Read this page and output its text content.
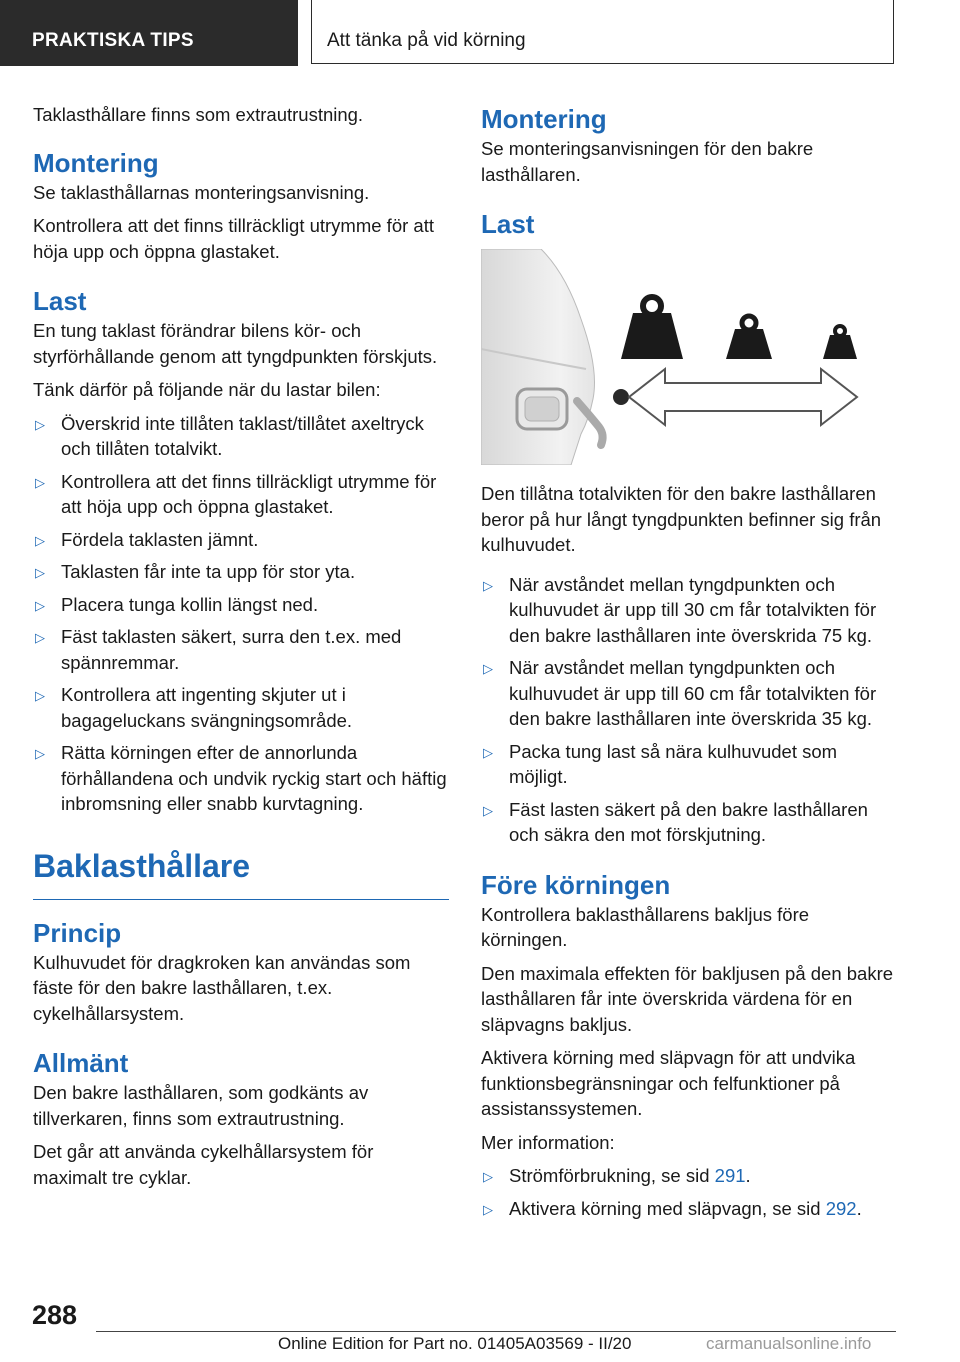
PRAKTISKA TIPS	Att tänka på vid körning

Taklasthållare finns som extrautrustning.

Montering

Se taklasthållarnas monteringsanvisning.

Kontrollera att det finns tillräckligt utrymme för att höja upp och öppna glastaket.

Last

En tung taklast förändrar bilens kör- och styrförhållande genom att tyngdpunkten förskjuts.

Tänk därför på följande när du lastar bilen:

▷ Överskrid inte tillåten taklast/tillåtet axeltryck och tillåten totalvikt.
▷ Kontrollera att det finns tillräckligt utrymme för att höja upp och öppna glastaket.
▷ Fördela taklasten jämnt.
▷ Taklasten får inte ta upp för stor yta.
▷ Placera tunga kollin längst ned.
▷ Fäst taklasten säkert, surra den t.ex. med spännremmar.
▷ Kontrollera att ingenting skjuter ut i bagageluckans svängningsområde.
▷ Rätta körningen efter de annorlunda förhållandena och undvik ryckig start och häftig inbromsning eller snabb kurvtagning.
Baklasthållare
Princip

Kulhuvudet för dragkroken kan användas som fäste för den bakre lasthållaren, t.ex. cykelhållarsystem.

Allmänt

Den bakre lasthållaren, som godkänts av tillverkaren, finns som extrautrustning.

Det går att använda cykelhållarsystem för maximalt tre cyklar.

Montering

Se monteringsanvisningen för den bakre lasthållaren.

Last

Den tillåtna totalvikten för den bakre lasthållaren beror på hur långt tyngdpunkten befinner sig från kulhuvudet.

▷ När avståndet mellan tyngdpunkten och kulhuvudet är upp till 30 cm får totalvikten för den bakre lasthållaren inte överskrida 75 kg.
▷ När avståndet mellan tyngdpunkten och kulhuvudet är upp till 60 cm får totalvikten för den bakre lasthållaren inte överskrida 35 kg.
▷ Packa tung last så nära kulhuvudet som möjligt.
▷ Fäst lasten säkert på den bakre lasthållaren och säkra den mot förskjutning.
Före körningen

Kontrollera baklasthållarens bakljus före körningen.

Den maximala effekten för bakljusen på den bakre lasthållaren får inte överskrida värdena för en släpvagns bakljus.

Aktivera körning med släpvagn för att undvika funktionsbegränsningar och felfunktioner på assistanssystemen.

Mer information:

▷ Strömförbrukning, se sid 291.
▷ Aktivera körning med släpvagn, se sid 292.
288
Online Edition for Part no. 01405A03569 - II/20	carmanualsonline.info
